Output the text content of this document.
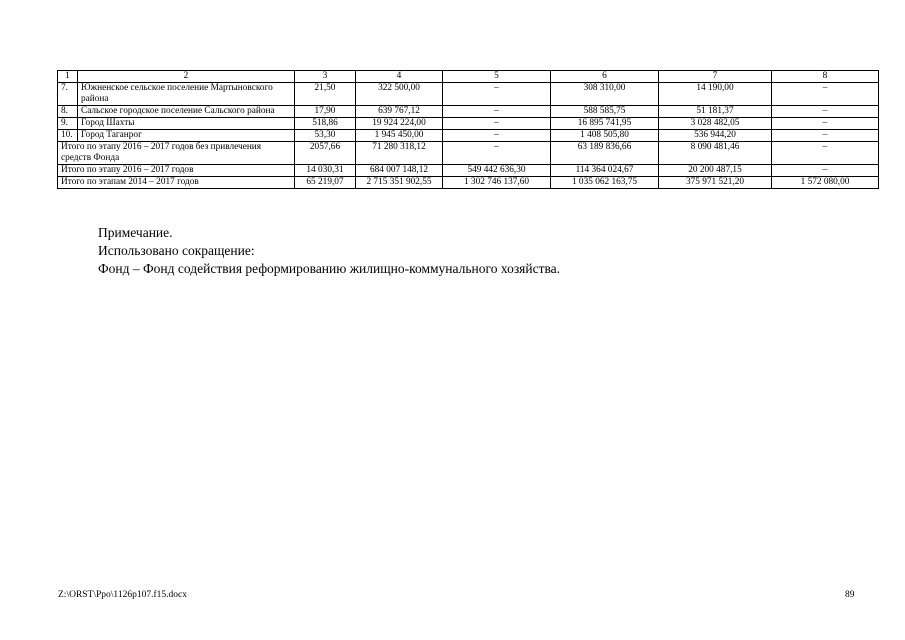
1	2	3	4	5	6	7	8
7.	Южненское сельское поселение Мартыновского района	21,50	322 500,00	–	308 310,00	14 190,00	–
8.	Сальское городское поселение Сальского района	17,90	639 767,12	–	588 585,75	51 181,37	–
9.	Город Шахты	518,86	19 924 224,00	–	16 895 741,95	3 028 482,05	–
10.	Город Таганрог	53,30	1 945 450,00	–	1 408 505,80	536 944,20	–
Итого по этапу 2016 – 2017 годов без привлечения средств Фонда		2057,66	71 280 318,12	–	63 189 836,66	8 090 481,46	–
Итого по этапу 2016 – 2017 годов		14 030,31	684 007 148,12	549 442 636,30	114 364 024,67	20 200 487,15	–
Итого по этапам 2014 – 2017 годов		65 219,07	2 715 351 902,55	1 302 746 137,60	1 035 062 163,75	375 971 521,20	1 572 080,00
Примечание.
Использовано сокращение:
Фонд – Фонд содействия реформированию жилищно-коммунального хозяйства.
Z:\ORST\Ppo\1126p107.f15.docx	89
